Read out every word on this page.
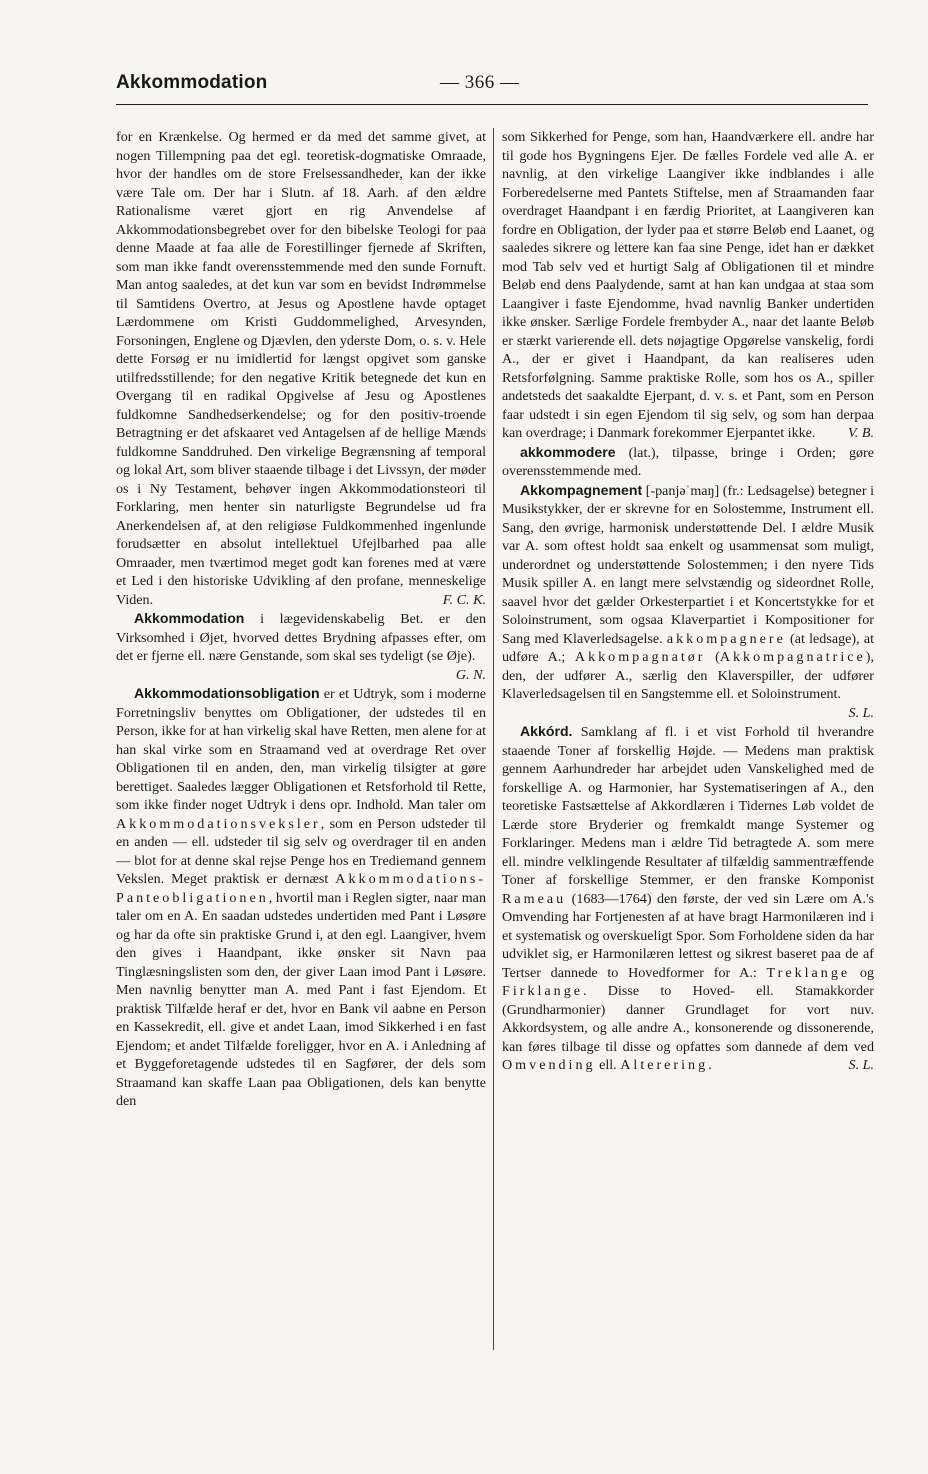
Akkommodation	— 366 —

for en Krænkelse. Og hermed er da med det samme givet, at nogen Tillempning paa det egl. teoretisk-dogmatiske Omraade, hvor der handles om de store Frelsessandheder, kan der ikke være Tale om. Der har i Slutn. af 18. Aarh. af den ældre Rationalisme været gjort en rig Anvendelse af Akkommodationsbegrebet over for den bibelske Teologi for paa denne Maade at faa alle de Forestillinger fjernede af Skriften, som man ikke fandt overensstemmende med den sunde Fornuft. Man antog saaledes, at det kun var som en bevidst Indrømmelse til Samtidens Overtro, at Jesus og Apostlene havde optaget Lærdommene om Kristi Guddommelighed, Arvesynden, Forsoningen, Englene og Djævlen, den yderste Dom, o. s. v. Hele dette Forsøg er nu imidlertid for længst opgivet som ganske utilfredsstillende; for den negative Kritik betegnede det kun en Overgang til en radikal Opgivelse af Jesu og Apostlenes fuldkomne Sandhedserkendelse; og for den positiv-troende Betragtning er det afskaaret ved Antagelsen af de hellige Mænds fuldkomne Sanddruhed. Den virkelige Begrænsning af temporal og lokal Art, som bliver staaende tilbage i det Livssyn, der møder os i Ny Testament, behøver ingen Akkommodationsteori til Forklaring, men henter sin naturligste Begrundelse ud fra Anerkendelsen af, at den religiøse Fuldkommenhed ingenlunde forudsætter en absolut intellektuel Ufejlbarhed paa alle Omraader, men tværtimod meget godt kan forenes med at være et Led i den historiske Udvikling af den profane, menneskelige Viden.	F. C. K.

Akkommodation i lægevidenskabelig Bet. er den Virksomhed i Øjet, hvorved dettes Brydning afpasses efter, om det er fjerne ell. nære Genstande, som skal ses tydeligt (se Øje).
G. N.

Akkommodationsobligation er et Udtryk, som i moderne Forretningsliv benyttes om Obligationer, der udstedes til en Person, ikke for at han virkelig skal have Retten, men alene for at han skal virke som en Straamand ved at overdrage Ret over Obligationen til en anden, den, man virkelig tilsigter at gøre berettiget. Saaledes lægger Obligationen et Retsforhold til Rette, som ikke finder noget Udtryk i dens opr. Indhold. Man taler om Akkommodationsveksler, som en Person udsteder til en anden — ell. udsteder til sig selv og overdrager til en anden — blot for at denne skal rejse Penge hos en Trediemand gennem Vekslen. Meget praktisk er dernæst Akkommodations-Panteobligationen, hvortil man i Reglen sigter, naar man taler om en A. En saadan udstedes undertiden med Pant i Løsøre og har da ofte sin praktiske Grund i, at den egl. Laangiver, hvem den gives i Haandpant, ikke ønsker sit Navn paa Tinglæsningslisten som den, der giver Laan imod Pant i Løsøre. Men navnlig benytter man A. med Pant i fast Ejendom. Et praktisk Tilfælde heraf er det, hvor en Bank vil aabne en Person en Kassekredit, ell. give et andet Laan, imod Sikkerhed i en fast Ejendom; et andet Tilfælde foreligger, hvor en A. i Anledning af et Byggeforetagende udstedes til en Sagfører, der dels som Straamand kan skaffe Laan paa Obligationen, dels kan benytte den

som Sikkerhed for Penge, som han, Haandværkere ell. andre har til gode hos Bygningens Ejer. De fælles Fordele ved alle A. er navnlig, at den virkelige Laangiver ikke indblandes i alle Forberedelserne med Pantets Stiftelse, men af Straamanden faar overdraget Haandpant i en færdig Prioritet, at Laangiveren kan fordre en Obligation, der lyder paa et større Beløb end Laanet, og saaledes sikrere og lettere kan faa sine Penge, idet han er dækket mod Tab selv ved et hurtigt Salg af Obligationen til et mindre Beløb end dens Paalydende, samt at han kan undgaa at staa som Laangiver i faste Ejendomme, hvad navnlig Banker undertiden ikke ønsker. Særlige Fordele frembyder A., naar det laante Beløb er stærkt varierende ell. dets nøjagtige Opgørelse vanskelig, fordi A., der er givet i Haandpant, da kan realiseres uden Retsforfølgning. Samme praktiske Rolle, som hos os A., spiller andetsteds det saakaldte Ejerpant, d. v. s. et Pant, som en Person faar udstedt i sin egen Ejendom til sig selv, og som han derpaa kan overdrage; i Danmark forekommer Ejerpantet ikke.	V. B.

akkommodere (lat.), tilpasse, bringe i Orden; gøre overensstemmende med.

Akkompagnement [-panjəˈmaŋ] (fr.: Ledsagelse) betegner i Musikstykker, der er skrevne for en Solostemme, Instrument ell. Sang, den øvrige, harmonisk understøttende Del. I ældre Musik var A. som oftest holdt saa enkelt og usammensat som muligt, underordnet og understøttende Solostemmen; i den nyere Tids Musik spiller A. en langt mere selvstændig og sideordnet Rolle, saavel hvor det gælder Orkesterpartiet i et Koncertstykke for et Soloinstrument, som ogsaa Klaverpartiet i Kompositioner for Sang med Klaverledsagelse. akkompagnere (at ledsage), at udføre A.; Akkompagnatør (Akkompagnatrice), den, der udfører A., særlig den Klaverspiller, der udfører Klaverledsagelsen til en Sangstemme ell. et Soloinstrument.
S. L.

Akkórd. Samklang af fl. i et vist Forhold til hverandre staaende Toner af forskellig Højde. — Medens man praktisk gennem Aarhundreder har arbejdet uden Vanskelighed med de forskellige A. og Harmonier, har Systematiseringen af A., den teoretiske Fastsættelse af Akkordlæren i Tidernes Løb voldet de Lærde store Bryderier og fremkaldt mange Systemer og Forklaringer. Medens man i ældre Tid betragtede A. som mere ell. mindre velklingende Resultater af tilfældig sammentræffende Toner af forskellige Stemmer, er den franske Komponist Rameau (1683—1764) den første, der ved sin Lære om A.'s Omvending har Fortjenesten af at have bragt Harmonilæren ind i et systematisk og overskueligt Spor. Som Forholdene siden da har udviklet sig, er Harmonilæren lettest og sikrest baseret paa de af Tertser dannede to Hovedformer for A.: Treklange og Firklange. Disse to Hoved- ell. Stamakkorder (Grundharmonier) danner Grundlaget for vort nuv. Akkordsystem, og alle andre A., konsonerende og dissonerende, kan føres tilbage til disse og opfattes som dannede af dem ved Omvending ell. Alterering.	S. L.
